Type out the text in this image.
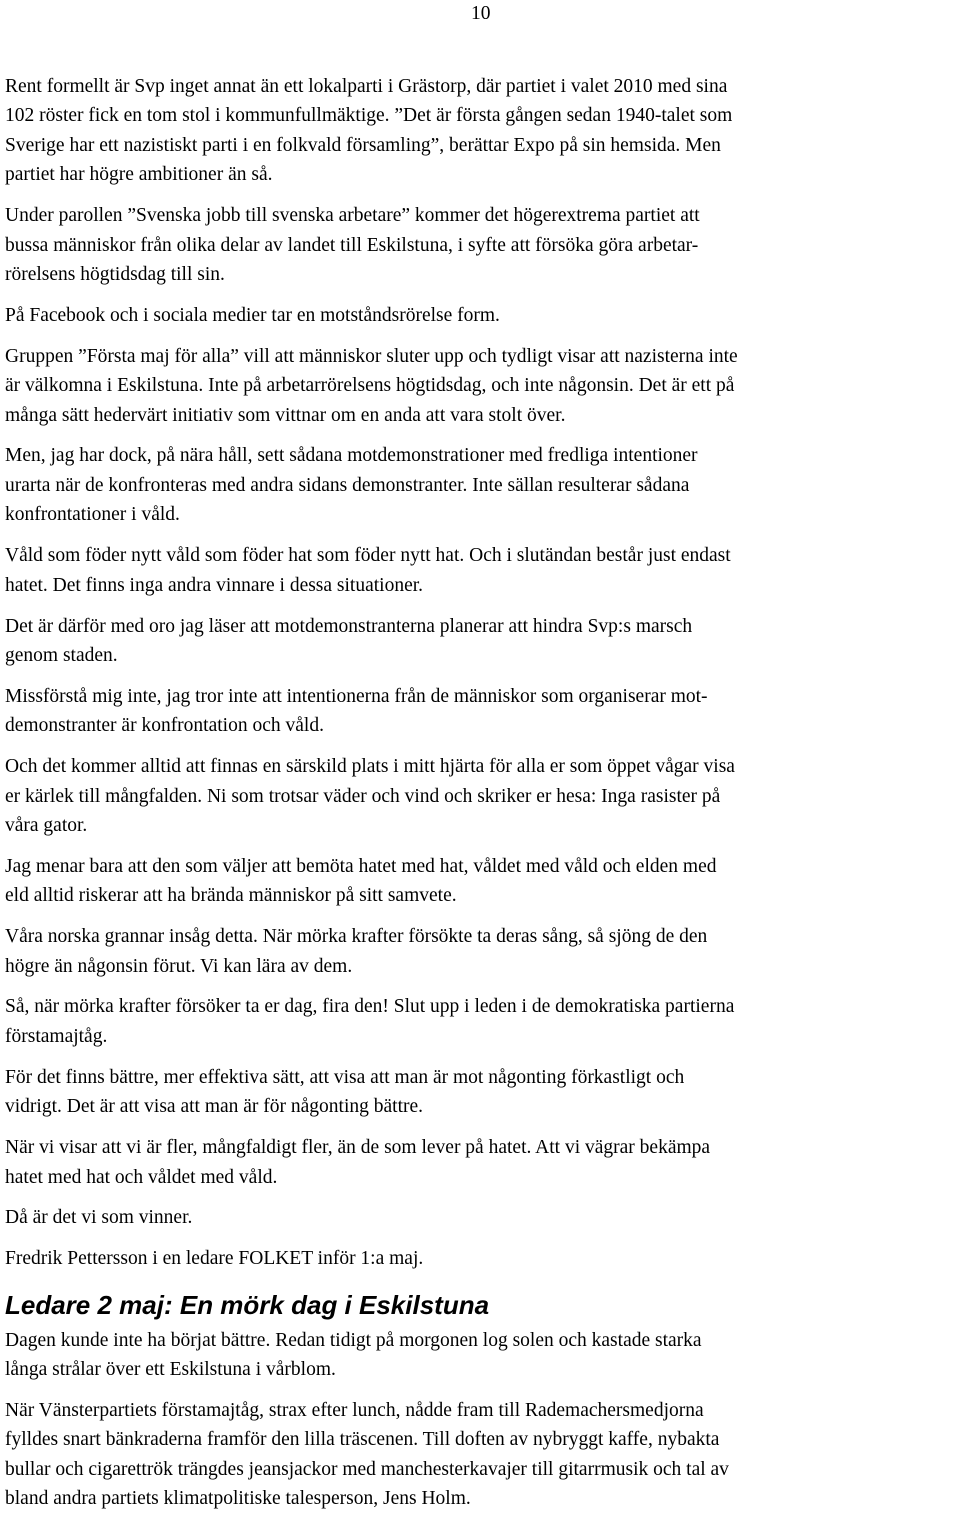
10
Rent formellt är Svp inget annat än ett lokalparti i Grästorp, där partiet i valet 2010 med sina
102 röster fick en tom stol i kommunfullmäktige. ”Det är första gången sedan 1940-talet som
Sverige har ett nazistiskt parti i en folkvald församling”, berättar Expo på sin hemsida. Men
partiet har högre ambitioner än så.
Under parollen ”Svenska jobb till svenska arbetare” kommer det högerextrema partiet att
bussa människor från olika delar av landet till Eskilstuna, i syfte att försöka göra arbetar-
rörelsens högtidsdag till sin.
På Facebook och i sociala medier tar en motståndsrörelse form.
Gruppen ”Första maj för alla” vill att människor sluter upp och tydligt visar att nazisterna inte
är välkomna i Eskilstuna. Inte på arbetarrörelsens högtidsdag, och inte någonsin. Det är ett på
många sätt hedervärt initiativ som vittnar om en anda att vara stolt över.
Men, jag har dock, på nära håll, sett sådana motdemonstrationer med fredliga intentioner
urarta när de konfronteras med andra sidans demonstranter. Inte sällan resulterar sådana
konfrontationer i våld.
Våld som föder nytt våld som föder hat som föder nytt hat. Och i slutändan består just endast
hatet. Det finns inga andra vinnare i dessa situationer.
Det är därför med oro jag läser att motdemonstranterna planerar att hindra Svp:s marsch
genom staden.
Missförstå mig inte, jag tror inte att intentionerna från de människor som organiserar mot-
demonstranter är konfrontation och våld.
Och det kommer alltid att finnas en särskild plats i mitt hjärta för alla er som öppet vågar visa
er kärlek till mångfalden. Ni som trotsar väder och vind och skriker er hesa: Inga rasister på
våra gator.
Jag menar bara att den som väljer att bemöta hatet med hat, våldet med våld och elden med
eld alltid riskerar att ha brända människor på sitt samvete.
Våra norska grannar insåg detta. När mörka krafter försökte ta deras sång, så sjöng de den
högre än någonsin förut. Vi kan lära av dem.
Så, när mörka krafter försöker ta er dag, fira den! Slut upp i leden i de demokratiska partierna
förstamajtåg.
För det finns bättre, mer effektiva sätt, att visa att man är mot någonting förkastligt och
vidrigt. Det är att visa att man är för någonting bättre.
När vi visar att vi är fler, mångfaldigt fler, än de som lever på hatet. Att vi vägrar bekämpa
hatet med hat och våldet med våld.
Då är det vi som vinner.
Fredrik Pettersson i en ledare FOLKET inför 1:a maj.
Ledare 2 maj: En mörk dag i Eskilstuna
Dagen kunde inte ha börjat bättre. Redan tidigt på morgonen log solen och kastade starka
långa strålar över ett Eskilstuna i vårblom.
När Vänsterpartiets förstamajtåg, strax efter lunch, nådde fram till Rademachersmedjorna
fylldes snart bänkraderna framför den lilla träscenen. Till doften av nybryggt kaffe, nybakta
bullar och cigarettrök trängdes jeansjackor med manchesterkavajer till gitarrmusik och tal av
bland andra partiets klimatpolitiske talesperson, Jens Holm.
